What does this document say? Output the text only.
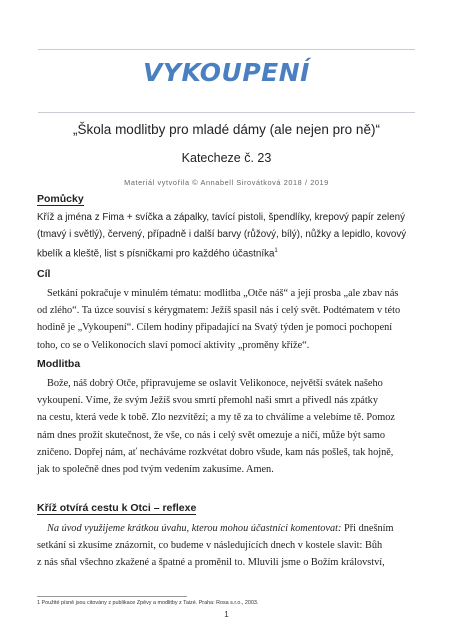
VYKOUPENÍ
„Škola modlitby pro mladé dámy (ale nejen pro ně)“
Katecheze č. 23
Materiál vytvořila © Annabell Sirovátková 2018 / 2019
Pomůcky
Kříž a jména z Fima + svíčka a zápalky, tavící pistoli, špendlíky, krepový papír zelený
(tmavý i světlý), červený, případně i další barvy (růžový, bílý), nůžky a lepidlo, kovový
kbelík a kleště, list s písničkami pro každého účastníka$^1$
Cíl
Setkání pokračuje v minulém tématu: modlitba „Otče náš“ a její prosba „ale zbav nás
od zlého“. Ta úzce souvisí s kérygmatem: Ježíš spasil nás i celý svět. Podtématem v této
hodině je „Vykoupení“. Cílem hodiny připadající na Svatý týden je pomoci pochopení
toho, co se o Velikonocích slaví pomocí aktivity „proměny kříže“.
Modlitba
Bože, náš dobrý Otče, připravujeme se oslavit Velikonoce, největší svátek našeho
vykoupení. Víme, že svým Ježíš svou smrtí přemohl naši smrt a přivedl nás zpátky
na cestu, která vede k tobě. Zlo nezvítězí; a my tě za to chválíme a velebíme tě. Pomoz
nám dnes prožít skutečnost, že vše, co nás i celý svět omezuje a ničí, může být samo
zničeno. Dopřej nám, ať necháváme rozkvétat dobro všude, kam nás pošleš, tak hojně,
jak to společně dnes pod tvým vedením zakusíme. Amen.
Kříž otvírá cestu k Otci – reflexe
Na úvod využijeme krátkou úvahu, kterou mohou účastníci komentovat: Při dnešním
setkání si zkusíme znázornit, co budeme v následujících dnech v kostele slavit: Bůh
z nás sňal všechno zkažené a špatné a proměnil to. Mluvili jsme o Božím království,
1 Použité písně jsou citovány z publikace Zpěvy a modlitby z Taizé. Praha: Rosa s.r.o., 2003.
1
